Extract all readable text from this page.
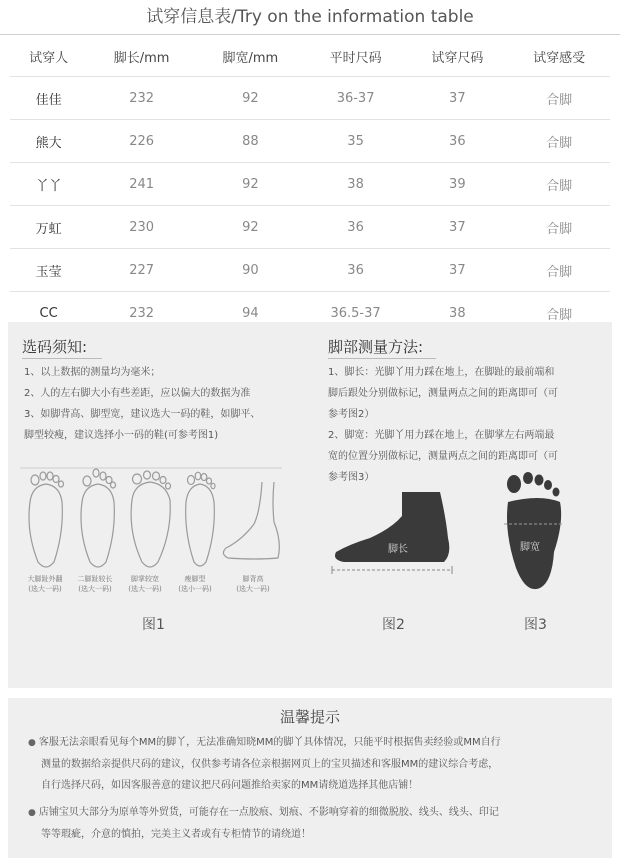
试穿信息表/Try on the information table
试穿人	脚长/mm	脚宽/mm	平时尺码	试穿尺码	试穿感受
佳佳	232	92	36-37	37	合脚
熊大	226	88	35	36	合脚
丫丫	241	92	38	39	合脚
万虹	230	92	36	37	合脚
玉莹	227	90	36	37	合脚
CC	232	94	36.5-37	38	合脚
选码须知:

1、以上数据的测量均为毫米；

2、人的左右脚大小有些差距，应以偏大的数据为准

3、如脚背高、脚型宽，建议选大一码的鞋，如脚平、

脚型较瘦，建议选择小一码的鞋(可参考图1)

大脚趾外翻
(选大一码)
二脚趾较长
(选大一码)
脚掌较宽
(选大一码)
瘦脚型
(选小一码)
脚背高
(选大一码)
图1
脚部测量方法:

1、脚长：光脚丫用力踩在地上，在脚趾的最前端和

脚后跟处分别做标记，测量两点之间的距离即可（可

参考图2）

2、脚宽：光脚丫用力踩在地上，在脚掌左右两端最

宽的位置分别做标记，测量两点之间的距离即可（可

参考图3）

脚长
图2
脚宽
图3
温馨提示

● 客服无法亲眼看见每个MM的脚丫，无法准确知晓MM的脚丫具体情况，只能平时根据售卖经验或MM自行

测量的数据给亲提供尺码的建议，仅供参考请各位亲根据网页上的宝贝描述和客服MM的建议综合考虑，

自行选择尺码，如因客服善意的建议把尺码问题推给卖家的MM请绕道选择其他店铺！

● 店铺宝贝大部分为原单等外贸货，可能存在一点胶痕、划痕、不影响穿着的细微脱胶、线头、线头、印记

等等瑕疵，介意的慎拍，完美主义者或有专柜情节的请绕道！
